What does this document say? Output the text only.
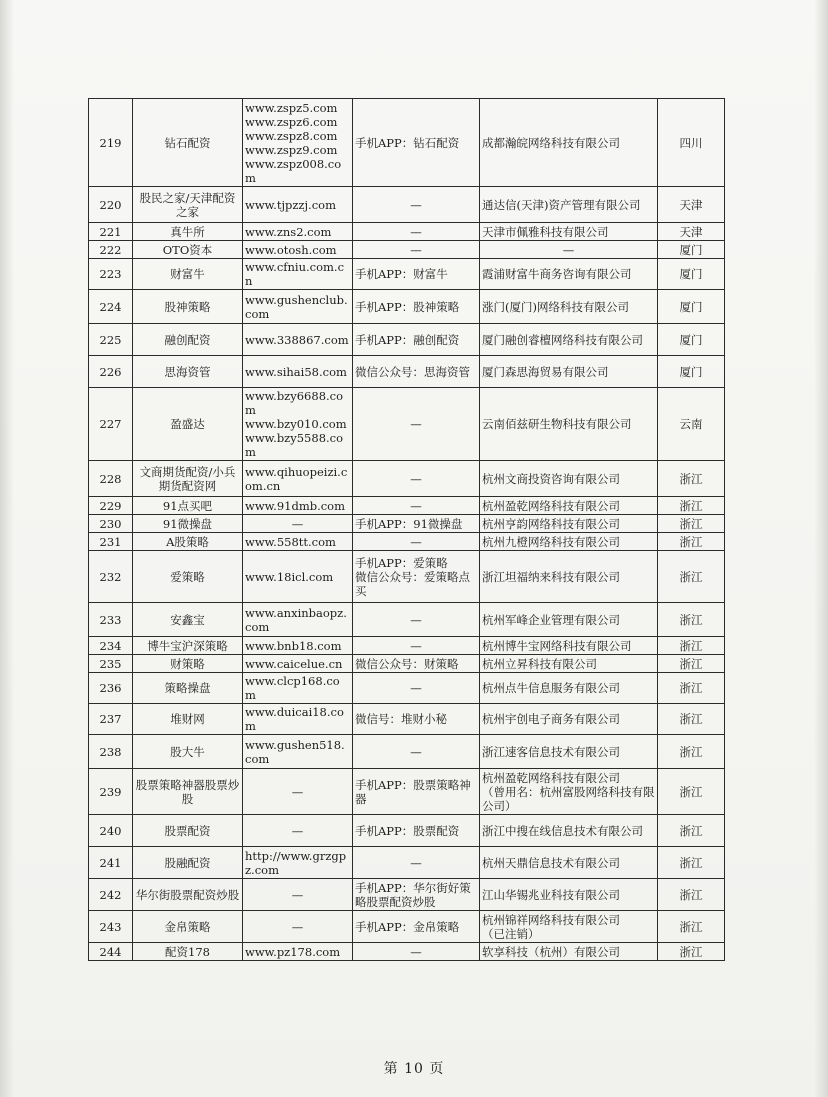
219	钻石配资	www.zspz5.com
www.zspz6.com
www.zspz8.com
www.zspz9.com
www.zspz008.com	手机APP：钻石配资	成都瀚皖网络科技有限公司	四川
220	股民之家/天津配资之家	www.tjpzzj.com	—	通达信(天津)资产管理有限公司	天津
221	真牛所	www.zns2.com	—	天津市佩雅科技有限公司	天津
222	OTO资本	www.otosh.com	—	—	厦门
223	财富牛	www.cfniu.com.cn	手机APP：财富牛	霞浦财富牛商务咨询有限公司	厦门
224	股神策略	www.gushenclub.com	手机APP：股神策略	涨门(厦门)网络科技有限公司	厦门
225	融创配资	www.338867.com	手机APP：融创配资	厦门融创睿檀网络科技有限公司	厦门
226	思海资管	www.sihai58.com	微信公众号：思海资管	厦门森思海贸易有限公司	厦门
227	盈盛达	www.bzy6688.com
www.bzy010.com
www.bzy5588.com	—	云南佰兹研生物科技有限公司	云南
228	文商期货配资/小兵期货配资网	www.qihuopeizi.com.cn	—	杭州文商投资咨询有限公司	浙江
229	91点买吧	www.91dmb.com	—	杭州盈乾网络科技有限公司	浙江
230	91微操盘	—	手机APP：91微操盘	杭州亨韵网络科技有限公司	浙江
231	A股策略	www.558tt.com	—	杭州九橙网络科技有限公司	浙江
232	爱策略	www.18icl.com	手机APP：爱策略
微信公众号：爱策略点买	浙江坦福纳来科技有限公司	浙江
233	安鑫宝	www.anxinbaopz.com	—	杭州军峰企业管理有限公司	浙江
234	博牛宝沪深策略	www.bnb18.com	—	杭州博牛宝网络科技有限公司	浙江
235	财策略	www.caicelue.cn	微信公众号：财策略	杭州立昇科技有限公司	浙江
236	策略操盘	www.clcp168.com	—	杭州点牛信息服务有限公司	浙江
237	堆财网	www.duicai18.com	微信号：堆财小秘	杭州宇创电子商务有限公司	浙江
238	股大牛	www.gushen518.com	—	浙江速客信息技术有限公司	浙江
239	股票策略神器股票炒股	—	手机APP：股票策略神器	杭州盈乾网络科技有限公司
（曾用名：杭州富股网络科技有限公司）	浙江
240	股票配资	—	手机APP：股票配资	浙江中搜在线信息技术有限公司	浙江
241	股融配资	http://www.grzgpz.com	—	杭州天鼎信息技术有限公司	浙江
242	华尔街股票配资炒股	—	手机APP：华尔街好策略股票配资炒股	江山华锡兆业科技有限公司	浙江
243	金帛策略	—	手机APP：金帛策略	杭州锦祥网络科技有限公司
（已注销）	浙江
244	配资178	www.pz178.com	—	软享科技（杭州）有限公司	浙江
第 10 页
